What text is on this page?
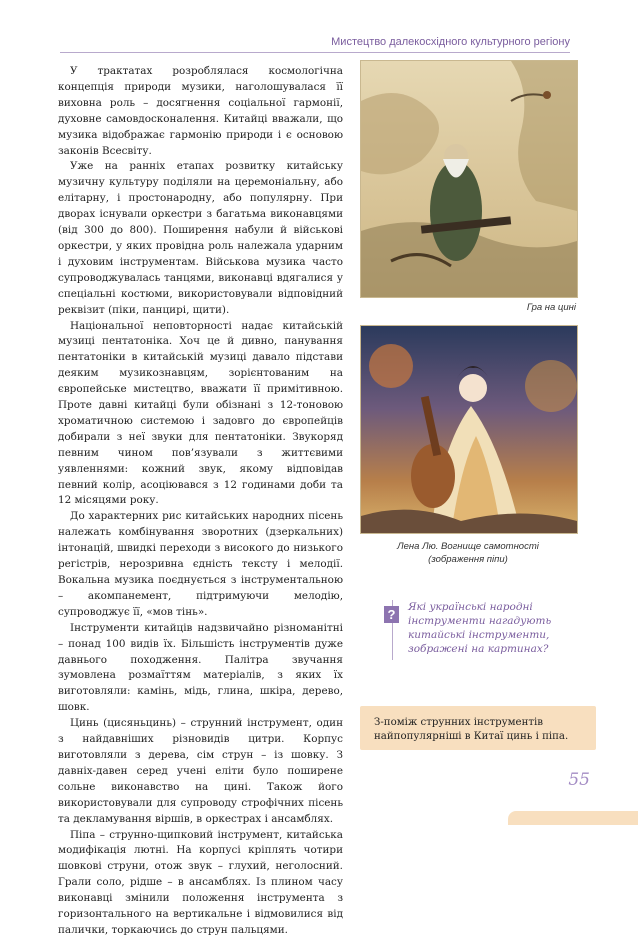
Мистецтво далекосхідного культурного регіону

У трактатах розроблялася космологічна концепція природи музики, наголошувалася її виховна роль – досягнення соціальної гармонії, духовне самовдосконалення. Китайці вважали, що музика відображає гармонію природи і є основою законів Всесвіту.

Уже на ранніх етапах розвитку китайську музичну культуру поділяли на церемоніальну, або елітарну, і простонародну, або популярну. При дворах існували оркестри з багатьма виконавцями (від 300 до 800). Поширення набули й військові оркестри, у яких провідна роль належала ударним і духовим інструментам. Військова музика часто супроводжувалась танцями, виконавці вдягалися у спеціальні костюми, використовували відповідний реквізит (піки, панцирі, щити).

Національної неповторності надає китайській музиці пентатоніка. Хоч це й дивно, панування пентатоніки в китайській музиці давало підстави деяким музикознавцям, зорієнтованим на європейське мистецтво, вважати її примітивною. Проте давні китайці були обізнані з 12-тоновою хроматичною системою і задовго до європейців добирали з неї звуки для пентатоніки. Звукоряд певним чином пов’язували з життєвими уявленнями: кожний звук, якому відповідав певний колір, асоціювався з 12 годинами доби та 12 місяцями року.

До характерних рис китайських народних пісень належать комбінування зворотних (дзеркальних) інтонацій, швидкі переходи з високого до низького регістрів, нерозривна єдність тексту і мелодії. Вокальна музика поєднується з інструментальною – акомпанемент, підтримуючи мелодію, супроводжує її, «мов тінь».

Інструменти китайців надзвичайно різноманітні – понад 100 видів їх. Більшість інструментів дуже давнього походження. Палітра звучання зумовлена розмаїттям матеріалів, з яких їх виготовляли: камінь, мідь, глина, шкіра, дерево, шовк.

Цинь (цисяньцинь) – струнний інструмент, один з найдавніших різновидів цитри. Корпус виготовляли з дерева, сім струн – із шовку. З давніх-давен серед учені еліти було поширене сольне виконавство на цині. Також його використовували для супроводу строфічних пісень та декламування віршів, в оркестрах і ансамблях.

Піпа – струнно-щипковий інструмент, китайська модифікація лютні. На корпусі кріплять чотири шовкові струни, отож звук – глухий, неголосний. Грали соло, рідше – в ансамблях. Із плином часу виконавці змінили положення інструмента з горизонтального на вертикальне і відмовилися від палички, торкаючись до струн пальцями.

Гра на цині
Лена Лю. Вогнище самотності
(зображення піпи)
?	Які українські народні інструменти нагадують китайські інструменти, зображені на картинах?
З-поміж струнних інструментів найпопулярніші в Китаї цинь і піпа.
55
